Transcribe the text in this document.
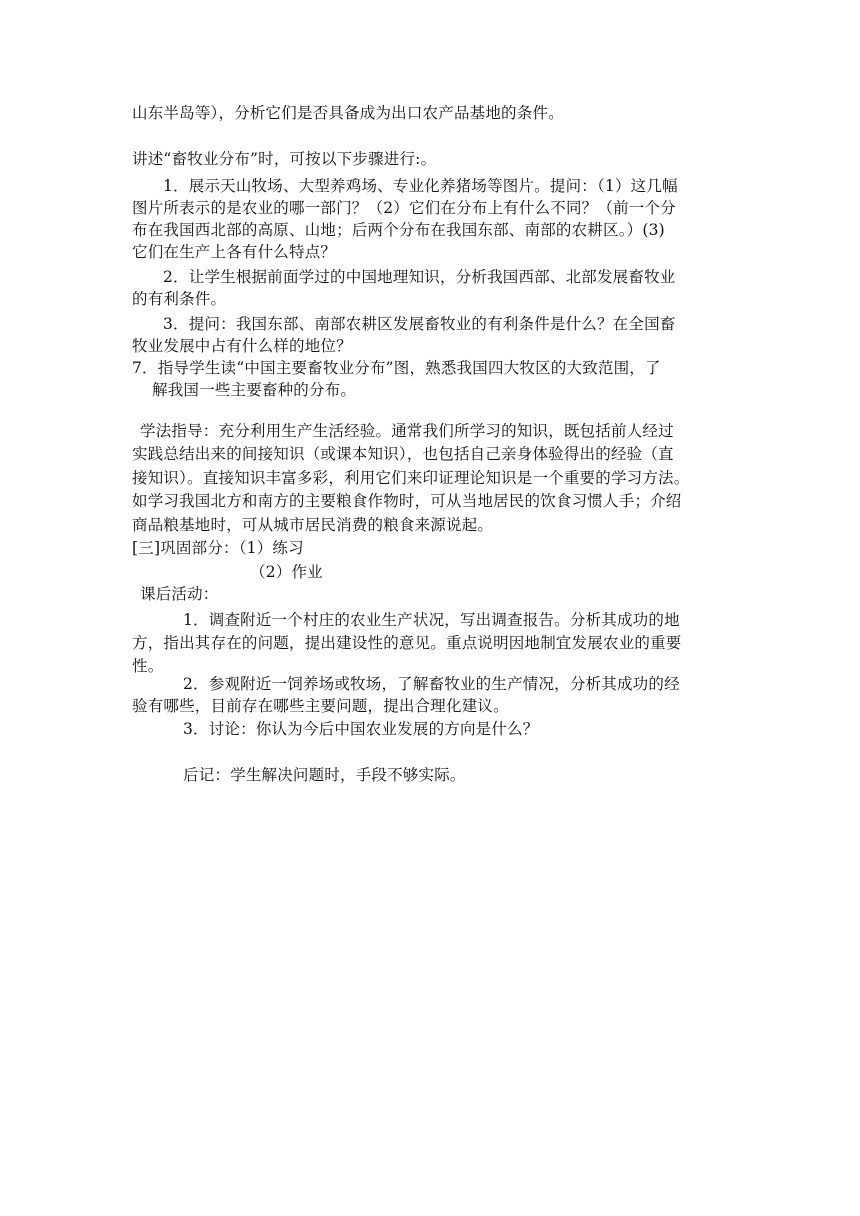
山东半岛等），分析它们是否具备成为出口农产品基地的条件。
讲述“畜牧业分布”时，可按以下步骤进行:。
1．展示天山牧场、大型养鸡场、专业化养猪场等图片。提问：（1）这几幅
图片所表示的是农业的哪一部门？（2）它们在分布上有什么不同？（前一个分
布在我国西北部的高原、山地；后两个分布在我国东部、南部的农耕区。）(3)
它们在生产上各有什么特点？
2．让学生根据前面学过的中国地理知识，分析我国西部、北部发展畜牧业
的有利条件。
3．提问：我国东部、南部农耕区发展畜牧业的有利条件是什么？在全国畜
牧业发展中占有什么样的地位？
7．指导学生读“中国主要畜牧业分布”图，熟悉我国四大牧区的大致范围，了
解我国一些主要畜种的分布。
学法指导：充分利用生产生活经验。通常我们所学习的知识，既包括前人经过
实践总结出来的间接知识（或课本知识），也包括自己亲身体验得出的经验（直
接知识）。直接知识丰富多彩，利用它们来印证理论知识是一个重要的学习方法。
如学习我国北方和南方的主要粮食作物时，可从当地居民的饮食习惯人手；介绍
商品粮基地时，可从城市居民消费的粮食来源说起。
[三]巩固部分：（1）练习
（2）作业
课后活动：
1．调查附近一个村庄的农业生产状况，写出调查报告。分析其成功的地
方，指出其存在的问题，提出建设性的意见。重点说明因地制宜发展农业的重要
性。
2．参观附近一饲养场或牧场，了解畜牧业的生产情况，分析其成功的经
验有哪些，目前存在哪些主要问题，提出合理化建议。
3．讨论：你认为今后中国农业发展的方向是什么？
后记：学生解决问题时，手段不够实际。
